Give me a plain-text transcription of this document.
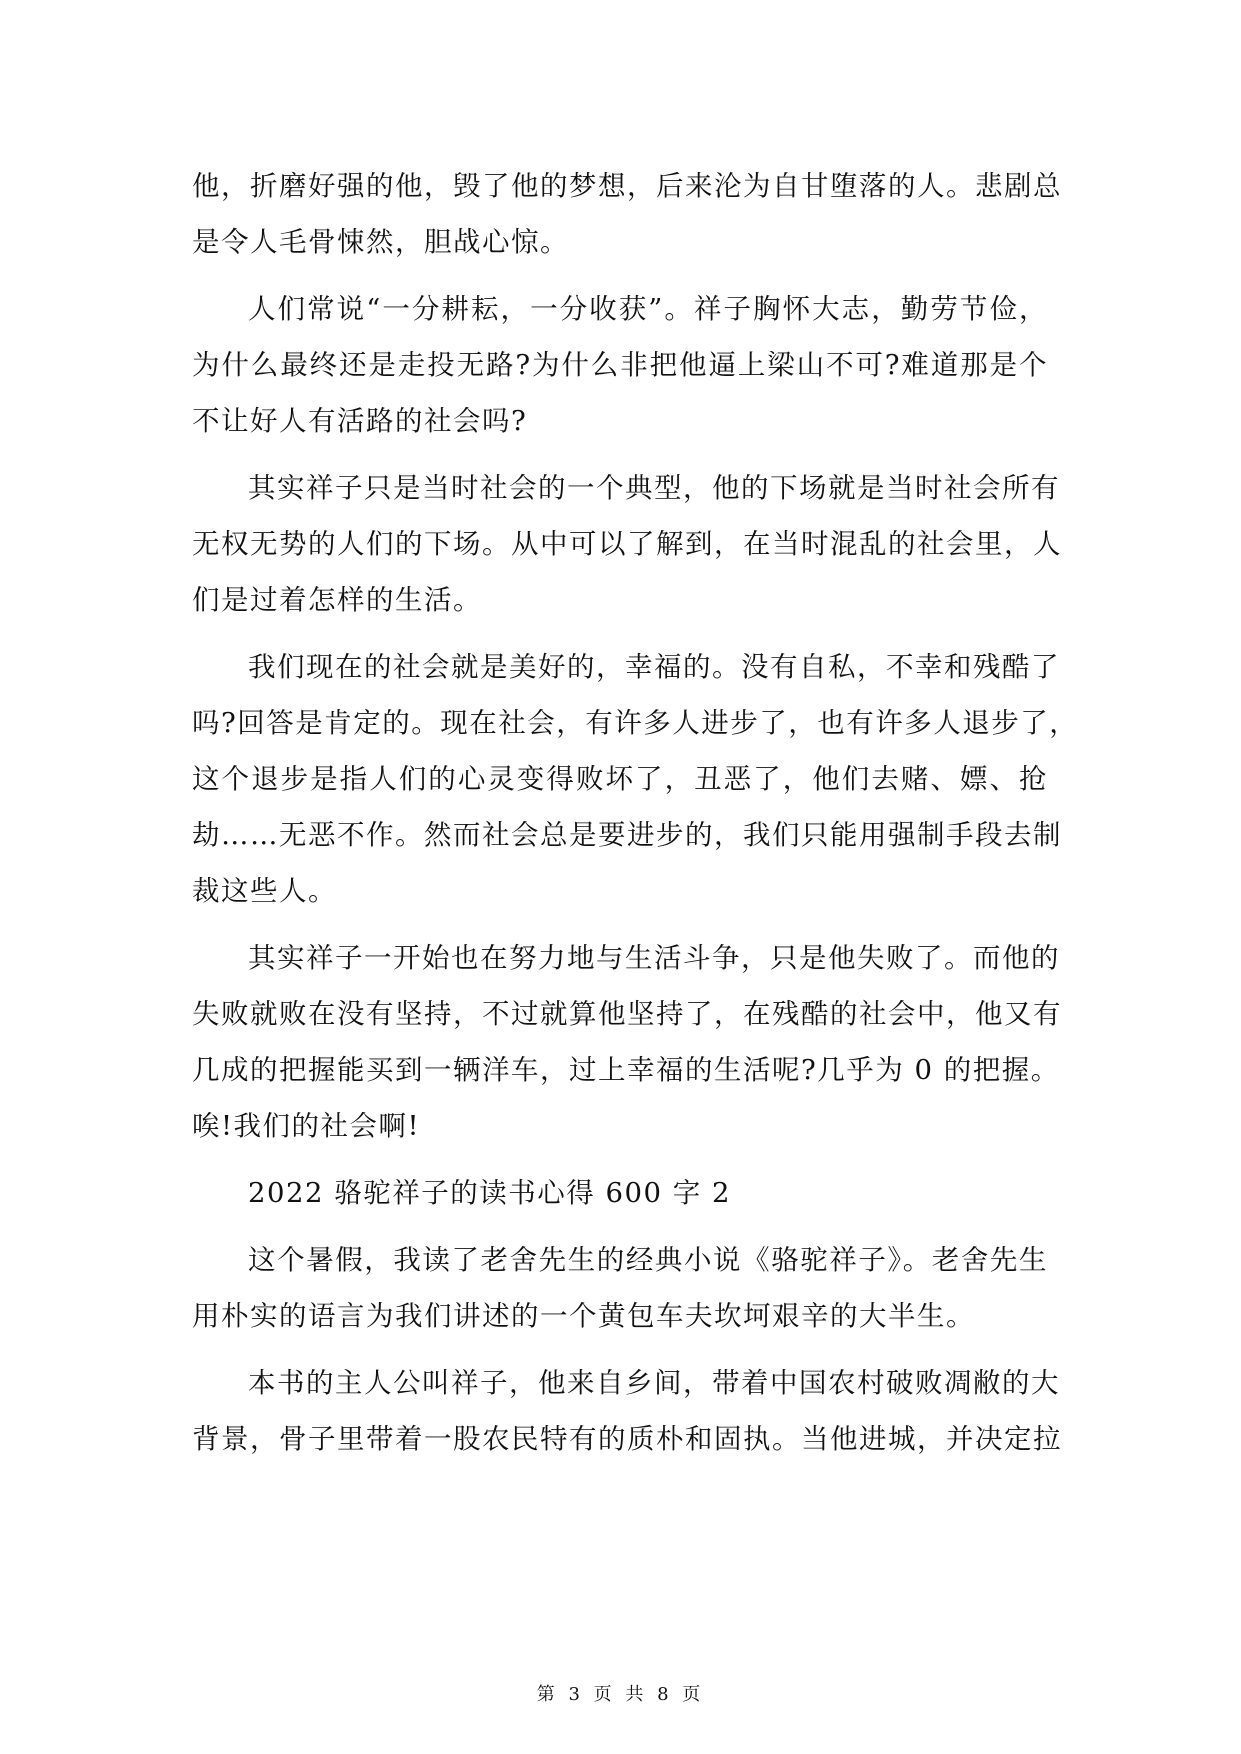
他，折磨好强的他，毁了他的梦想，后来沦为自甘堕落的人。悲剧总
是令人毛骨悚然，胆战心惊。
人们常说“一分耕耘，一分收获”。祥子胸怀大志，勤劳节俭，
为什么最终还是走投无路?为什么非把他逼上梁山不可?难道那是个
不让好人有活路的社会吗?
其实祥子只是当时社会的一个典型，他的下场就是当时社会所有
无权无势的人们的下场。从中可以了解到，在当时混乱的社会里，人
们是过着怎样的生活。
我们现在的社会就是美好的，幸福的。没有自私，不幸和残酷了
吗?回答是肯定的。现在社会，有许多人进步了，也有许多人退步了，
这个退步是指人们的心灵变得败坏了，丑恶了，他们去赌、嫖、抢
劫……无恶不作。然而社会总是要进步的，我们只能用强制手段去制
裁这些人。
其实祥子一开始也在努力地与生活斗争，只是他失败了。而他的
失败就败在没有坚持，不过就算他坚持了，在残酷的社会中，他又有
几成的把握能买到一辆洋车，过上幸福的生活呢?几乎为 0 的把握。
唉!我们的社会啊!
2022 骆驼祥子的读书心得 600 字 2
这个暑假，我读了老舍先生的经典小说《骆驼祥子》。老舍先生
用朴实的语言为我们讲述的一个黄包车夫坎坷艰辛的大半生。
本书的主人公叫祥子，他来自乡间，带着中国农村破败凋敝的大
背景，骨子里带着一股农民特有的质朴和固执。当他进城，并决定拉
第 3 页 共 8 页
